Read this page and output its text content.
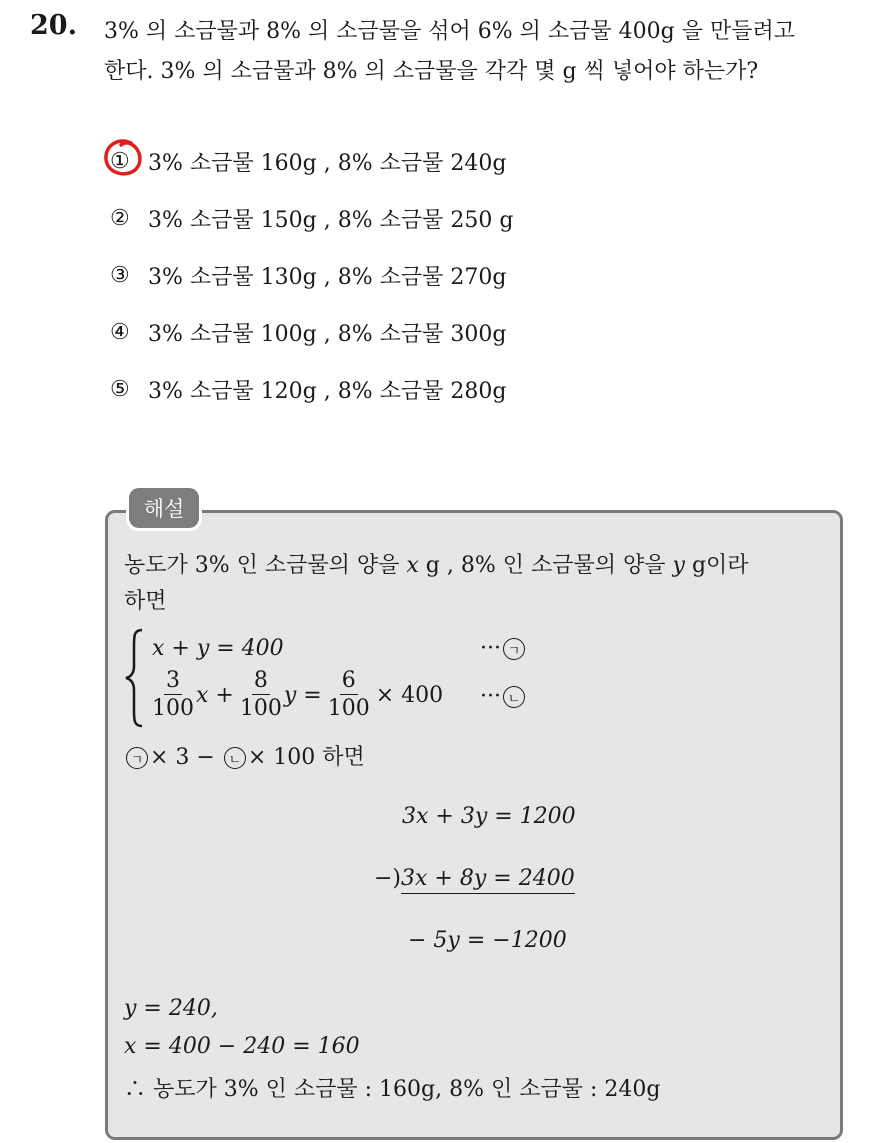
20. 3% 의 소금물과 8% 의 소금물을 섞어 6% 의 소금물 400g 을 만들려고
한다. 3% 의 소금물과 8% 의 소금물을 각각 몇 g 씩 넣어야 하는가?
① 3% 소금물 160g , 8% 소금물 240g
② 3% 소금물 150g , 8% 소금물 250 g
③ 3% 소금물 130g , 8% 소금물 270g
④ 3% 소금물 100g , 8% 소금물 300g
⑤ 3% 소금물 120g , 8% 소금물 280g
해설
농도가 3% 인 소금물의 양을 x g , 8% 인 소금물의 양을 y g이라
하면
x + y = 400	··· ㄱ
$\frac{3}{100}$ $x + \frac{8}{100}$ $y = \frac{6}{100} \times 400$ ··· ㄴ
ㄱ × 3 − ㄴ × 100 하면
3x + 3y = 1200
−)3x + 8y = 2400
− 5y = −1200
y = 240,
x = 400 − 240 = 160
∴ 농도가 3% 인 소금물 : 160g, 8% 인 소금물 : 240g
